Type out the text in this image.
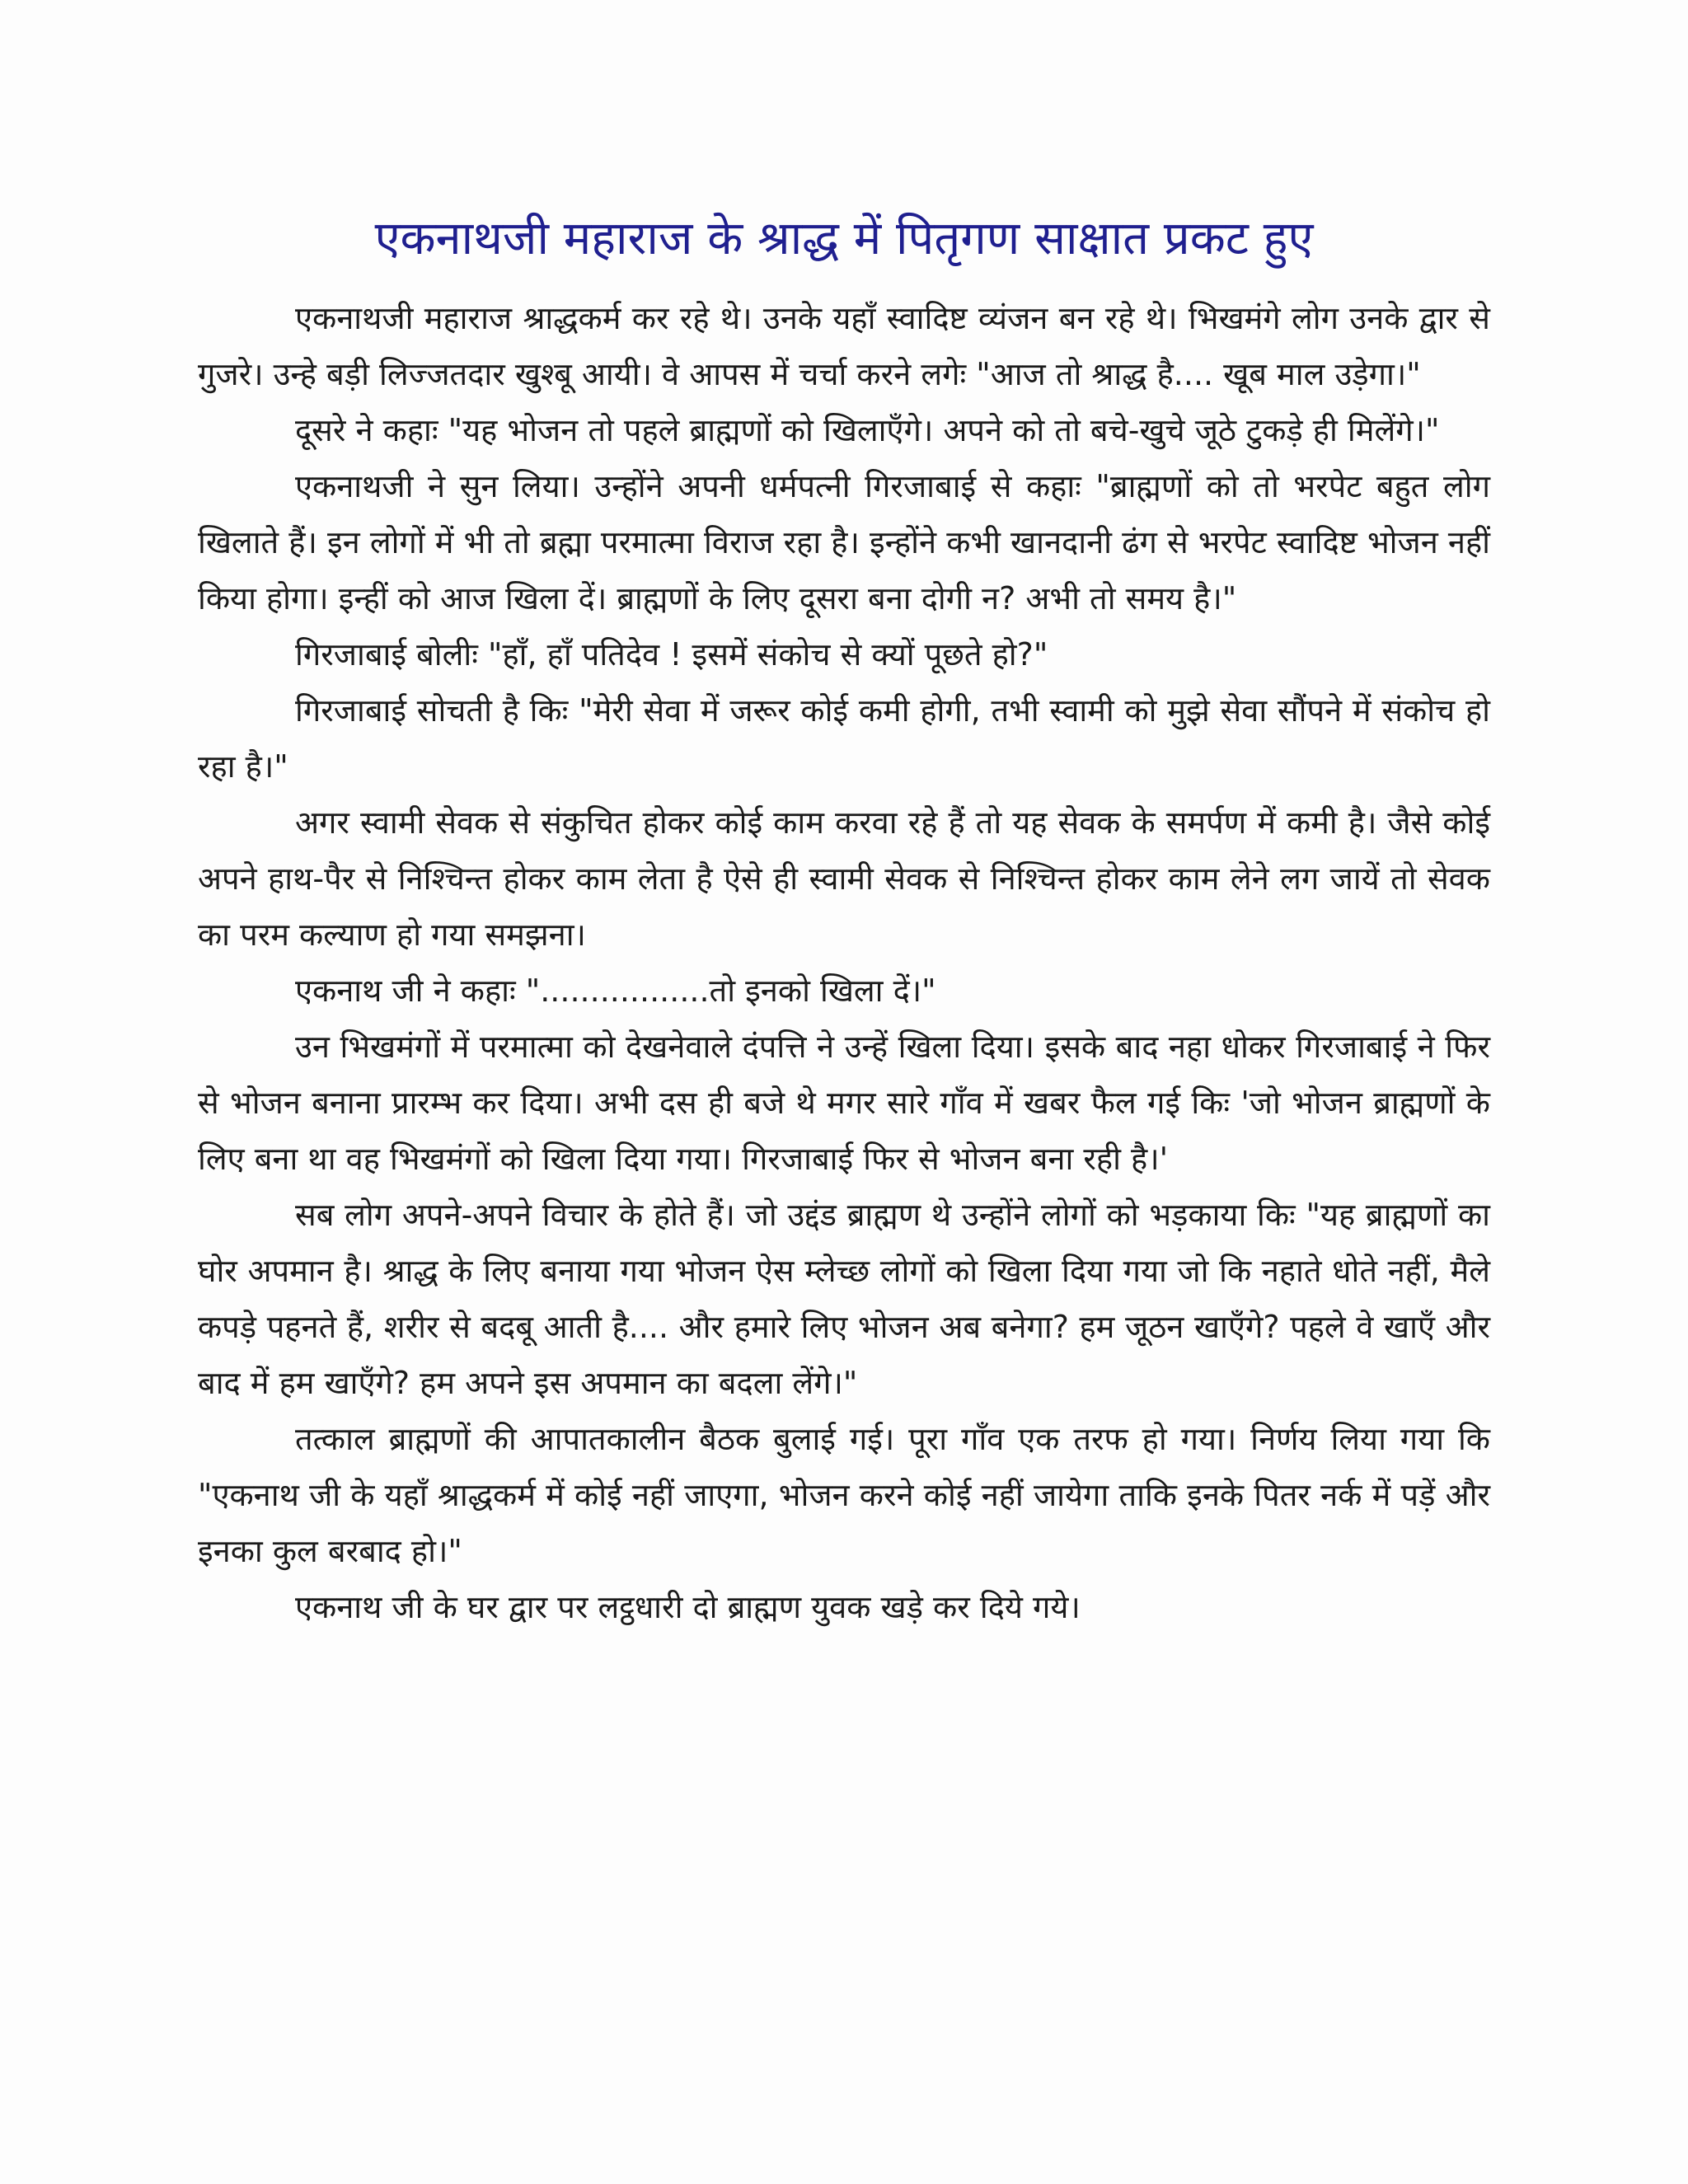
एकनाथजी महाराज के श्राद्ध में पितृगण साक्षात प्रकट हुए

एकनाथजी महाराज श्राद्धकर्म कर रहे थे। उनके यहाँ स्वादिष्ट व्यंजन बन रहे थे। भिखमंगे लोग उनके द्वार से गुजरे। उन्हे बड़ी लिज्जतदार खुश्बू आयी। वे आपस में चर्चा करने लगेः "आज तो श्राद्ध है.... खूब माल उड़ेगा।"

दूसरे ने कहाः "यह भोजन तो पहले ब्राह्मणों को खिलाएँगे। अपने को तो बचे-खुचे जूठे टुकड़े ही मिलेंगे।"

एकनाथजी ने सुन लिया। उन्होंने अपनी धर्मपत्नी गिरजाबाई से कहाः "ब्राह्मणों को तो भरपेट बहुत लोग खिलाते हैं। इन लोगों में भी तो ब्रह्मा परमात्मा विराज रहा है। इन्होंने कभी खानदानी ढंग से भरपेट स्वादिष्ट भोजन नहीं किया होगा। इन्हीं को आज खिला दें। ब्राह्मणों के लिए दूसरा बना दोगी न? अभी तो समय है।"

गिरजाबाई बोलीः "हाँ, हाँ पतिदेव ! इसमें संकोच से क्यों पूछते हो?"

गिरजाबाई सोचती है किः "मेरी सेवा में जरूर कोई कमी होगी, तभी स्वामी को मुझे सेवा सौंपने में संकोच हो रहा है।"

अगर स्वामी सेवक से संकुचित होकर कोई काम करवा रहे हैं तो यह सेवक के समर्पण में कमी है। जैसे कोई अपने हाथ-पैर से निश्चिन्त होकर काम लेता है ऐसे ही स्वामी सेवक से निश्चिन्त होकर काम लेने लग जायें तो सेवक का परम कल्याण हो गया समझना।

एकनाथ जी ने कहाः ".................तो इनको खिला दें।"

उन भिखमंगों में परमात्मा को देखनेवाले दंपत्ति ने उन्हें खिला दिया। इसके बाद नहा धोकर गिरजाबाई ने फिर से भोजन बनाना प्रारम्भ कर दिया। अभी दस ही बजे थे मगर सारे गाँव में खबर फैल गई किः 'जो भोजन ब्राह्मणों के लिए बना था वह भिखमंगों को खिला दिया गया। गिरजाबाई फिर से भोजन बना रही है।'

सब लोग अपने-अपने विचार के होते हैं। जो उद्दंड ब्राह्मण थे उन्होंने लोगों को भड़काया किः "यह ब्राह्मणों का घोर अपमान है। श्राद्ध के लिए बनाया गया भोजन ऐस म्लेच्छ लोगों को खिला दिया गया जो कि नहाते धोते नहीं, मैले कपड़े पहनते हैं, शरीर से बदबू आती है.... और हमारे लिए भोजन अब बनेगा? हम जूठन खाएँगे? पहले वे खाएँ और बाद में हम खाएँगे? हम अपने इस अपमान का बदला लेंगे।"

तत्काल ब्राह्मणों की आपातकालीन बैठक बुलाई गई। पूरा गाँव एक तरफ हो गया। निर्णय लिया गया कि "एकनाथ जी के यहाँ श्राद्धकर्म में कोई नहीं जाएगा, भोजन करने कोई नहीं जायेगा ताकि इनके पितर नर्क में पड़ें और इनका कुल बरबाद हो।"

एकनाथ जी के घर द्वार पर लट्ठधारी दो ब्राह्मण युवक खड़े कर दिये गये।
